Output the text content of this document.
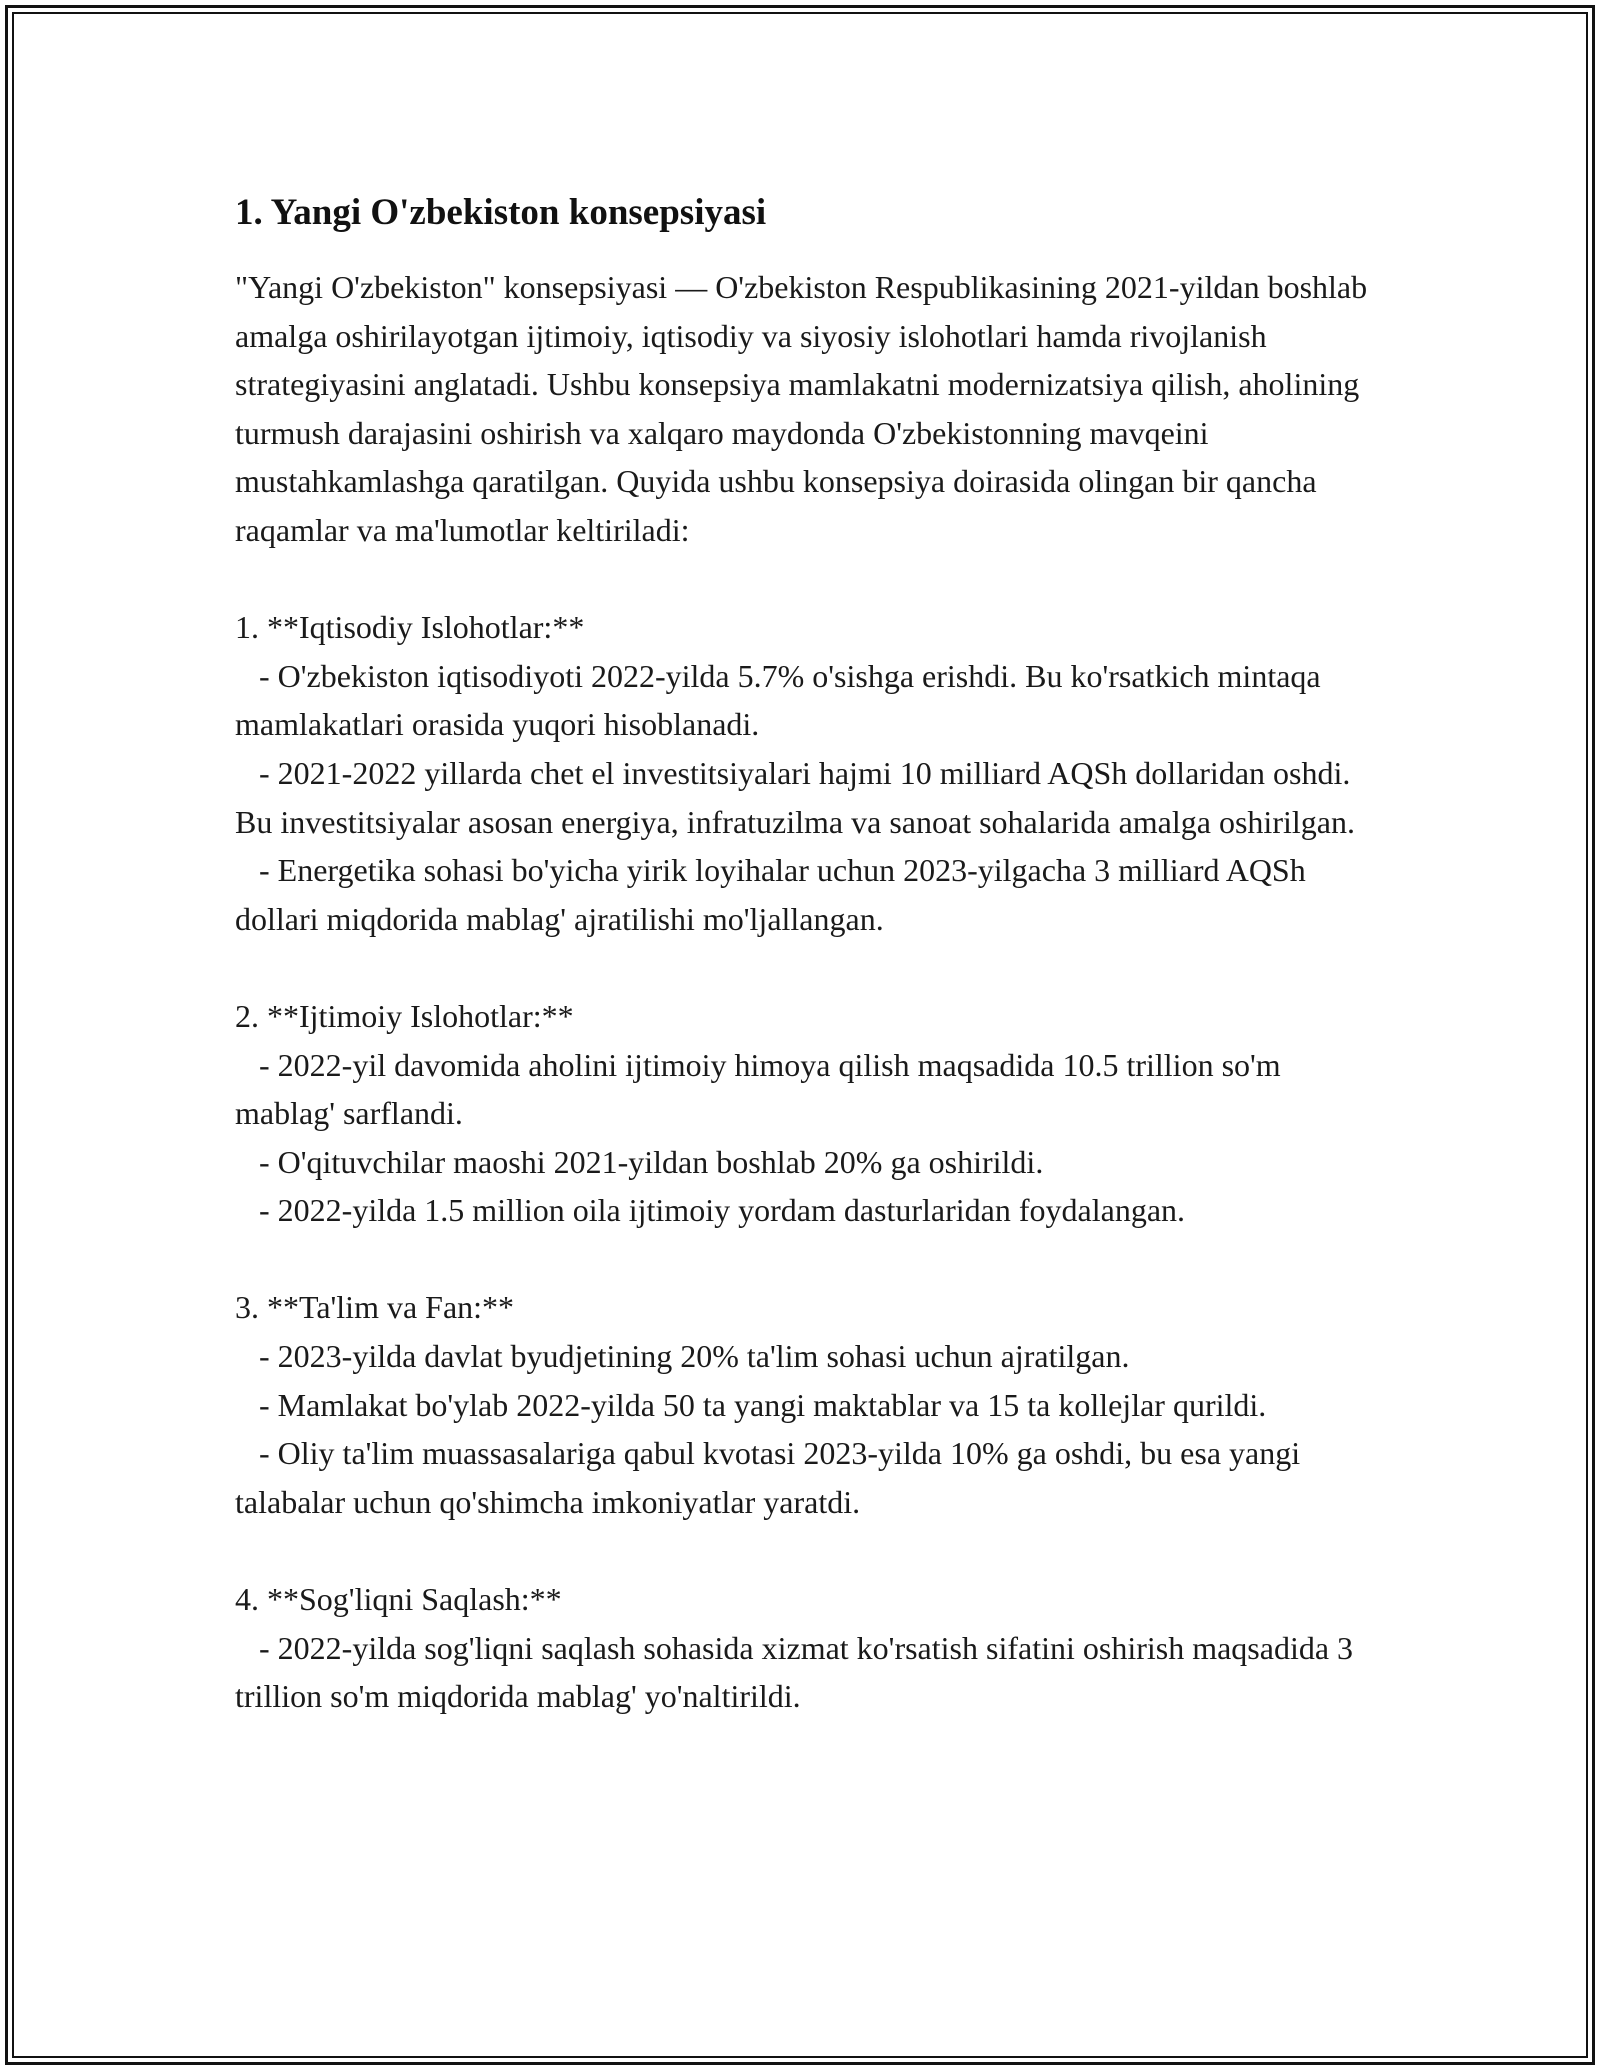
1. Yangi O'zbekiston konsepsiyasi

"Yangi O'zbekiston" konsepsiyasi — O'zbekiston Respublikasining 2021-yildan boshlab amalga oshirilayotgan ijtimoiy, iqtisodiy va siyosiy islohotlari hamda rivojlanish strategiyasini anglatadi. Ushbu konsepsiya mamlakatni modernizatsiya qilish, aholining turmush darajasini oshirish va xalqaro maydonda O'zbekistonning mavqeini mustahkamlashga qaratilgan. Quyida ushbu konsepsiya doirasida olingan bir qancha raqamlar va ma'lumotlar keltiriladi:

1. **Iqtisodiy Islohotlar:**

- O'zbekiston iqtisodiyoti 2022-yilda 5.7% o'sishga erishdi. Bu ko'rsatkich mintaqa mamlakatlari orasida yuqori hisoblanadi.

- 2021-2022 yillarda chet el investitsiyalari hajmi 10 milliard AQSh dollaridan oshdi. Bu investitsiyalar asosan energiya, infratuzilma va sanoat sohalarida amalga oshirilgan.

- Energetika sohasi bo'yicha yirik loyihalar uchun 2023-yilgacha 3 milliard AQSh dollari miqdorida mablag' ajratilishi mo'ljallangan.

2. **Ijtimoiy Islohotlar:**

- 2022-yil davomida aholini ijtimoiy himoya qilish maqsadida 10.5 trillion so'm mablag' sarflandi.

- O'qituvchilar maoshi 2021-yildan boshlab 20% ga oshirildi.

- 2022-yilda 1.5 million oila ijtimoiy yordam dasturlaridan foydalangan.

3. **Ta'lim va Fan:**

- 2023-yilda davlat byudjetining 20% ta'lim sohasi uchun ajratilgan.

- Mamlakat bo'ylab 2022-yilda 50 ta yangi maktablar va 15 ta kollejlar qurildi.

- Oliy ta'lim muassasalariga qabul kvotasi 2023-yilda 10% ga oshdi, bu esa yangi talabalar uchun qo'shimcha imkoniyatlar yaratdi.

4. **Sog'liqni Saqlash:**

- 2022-yilda sog'liqni saqlash sohasida xizmat ko'rsatish sifatini oshirish maqsadida 3 trillion so'm miqdorida mablag' yo'naltirildi.
